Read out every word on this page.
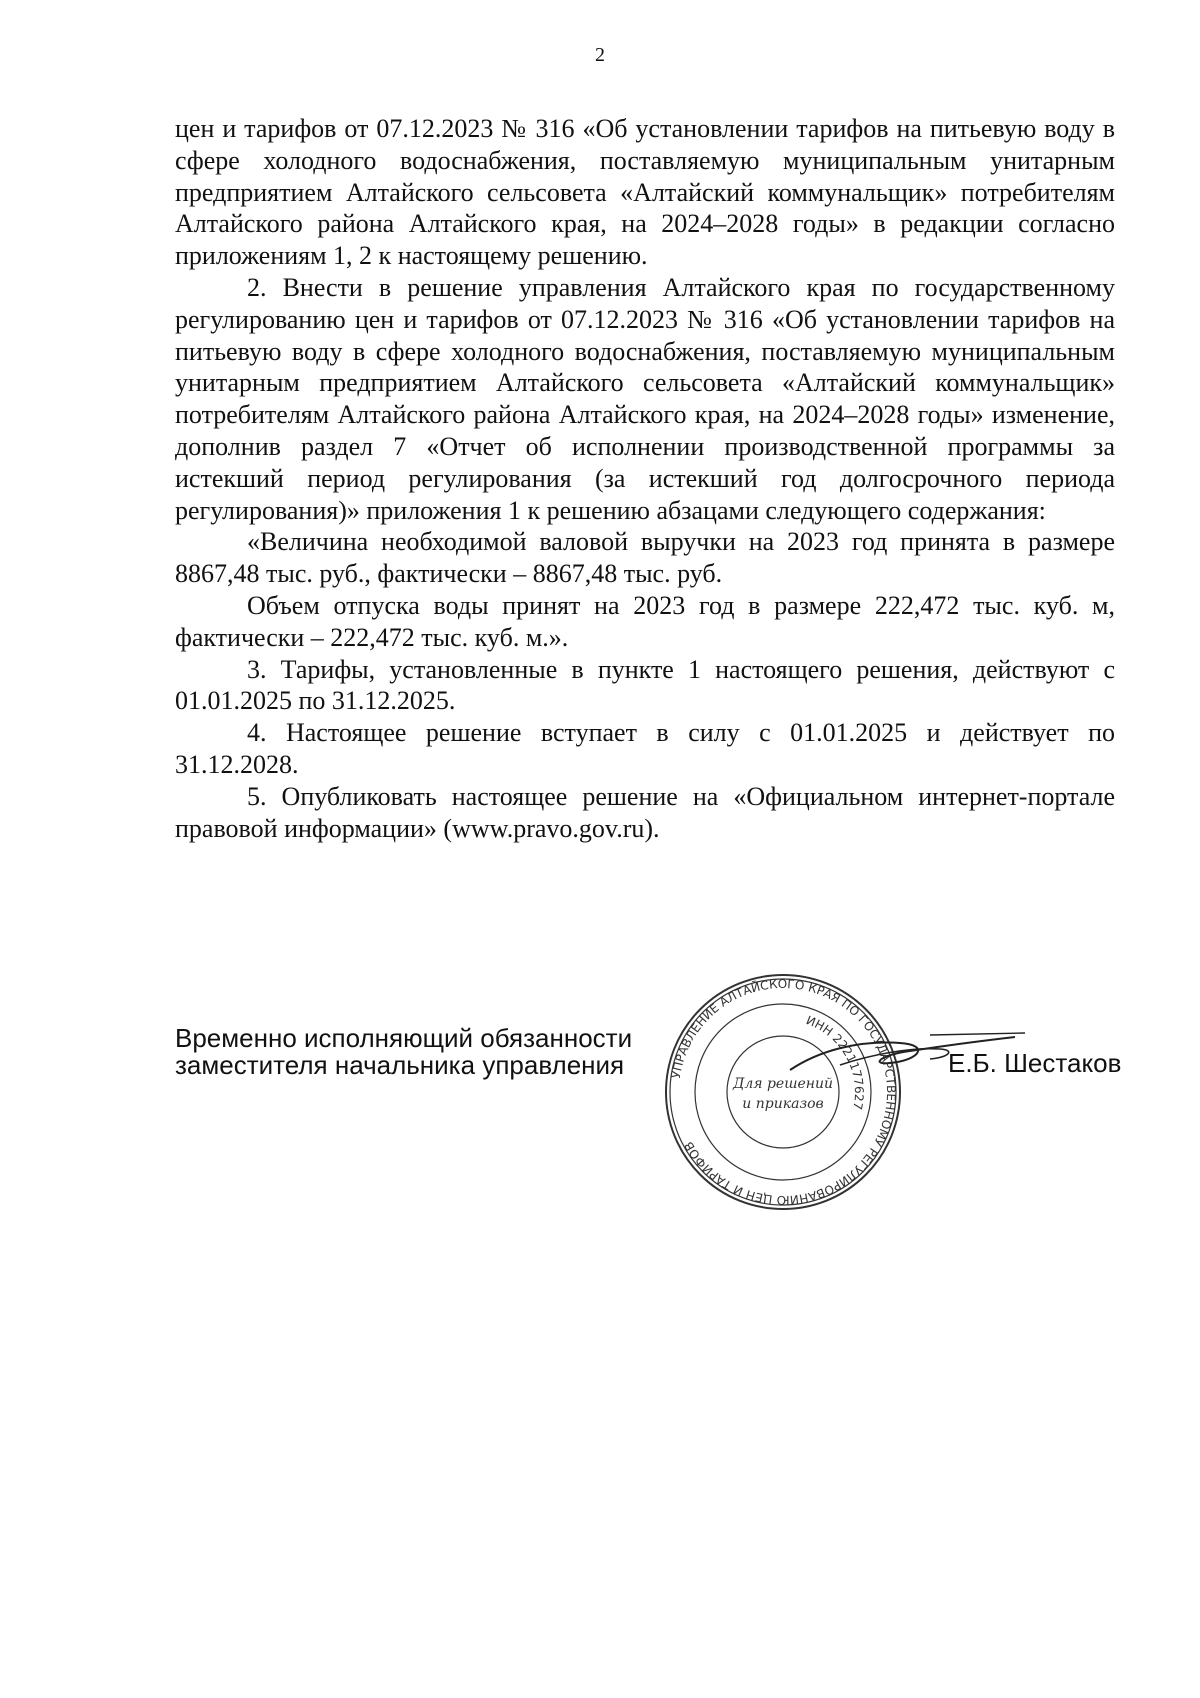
2

цен и тарифов от 07.12.2023 № 316 «Об установлении тарифов на питьевую воду в сфере холодного водоснабжения, поставляемую муниципальным унитарным предприятием Алтайского сельсовета «Алтайский коммунальщик» потребителям Алтайского района Алтайского края, на 2024–2028 годы» в редакции согласно приложениям 1, 2 к настоящему решению.

2. Внести в решение управления Алтайского края по государственному регулированию цен и тарифов от 07.12.2023 № 316 «Об установлении тарифов на питьевую воду в сфере холодного водоснабжения, поставляемую муниципальным унитарным предприятием Алтайского сельсовета «Алтайский коммунальщик» потребителям Алтайского района Алтайского края, на 2024–2028 годы» изменение, дополнив раздел 7 «Отчет об исполнении производственной программы за истекший период регулирования (за истекший год долгосрочного периода регулирования)» приложения 1 к решению абзацами следующего содержания:

«Величина необходимой валовой выручки на 2023 год принята в размере 8867,48 тыс. руб., фактически – 8867,48 тыс. руб.

Объем отпуска воды принят на 2023 год в размере 222,472 тыс. куб. м, фактически – 222,472 тыс. куб. м.».

3. Тарифы, установленные в пункте 1 настоящего решения, действуют с 01.01.2025 по 31.12.2025.

4. Настоящее решение вступает в силу с 01.01.2025 и действует по 31.12.2028.

5. Опубликовать настоящее решение на «Официальном интернет-портале правовой информации» (www.pravo.gov.ru).

Временно исполняющий обязанности
заместителя начальника управления	УПРАВЛЕНИЕ АЛТАЙСКОГО КРАЯ ПО ГОСУДАРСТВЕННОМУ РЕГУЛИРОВАНИЮ ЦЕН И ТАРИФОВ
ИНН 2221177627
Для решений
и приказов
Е.Б. Шестаков
